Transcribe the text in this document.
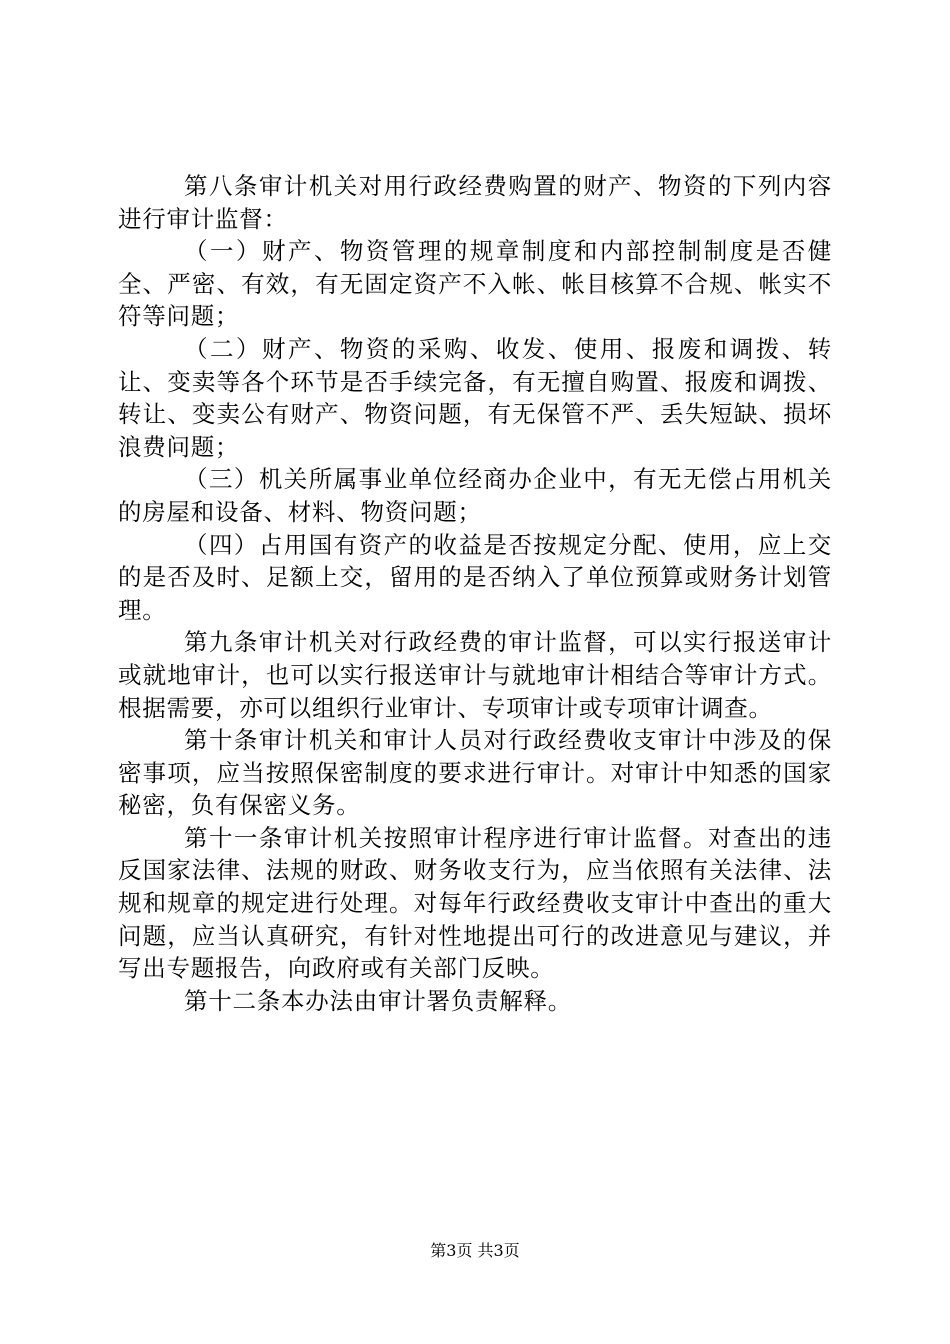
第八条审计机关对用行政经费购置的财产、物资的下列内容进行审计监督：

（一）财产、物资管理的规章制度和内部控制制度是否健全、严密、有效，有无固定资产不入帐、帐目核算不合规、帐实不符等问题；

（二）财产、物资的采购、收发、使用、报废和调拨、转让、变卖等各个环节是否手续完备，有无擅自购置、报废和调拨、转让、变卖公有财产、物资问题，有无保管不严、丢失短缺、损坏浪费问题；

（三）机关所属事业单位经商办企业中，有无无偿占用机关的房屋和设备、材料、物资问题；

（四）占用国有资产的收益是否按规定分配、使用，应上交的是否及时、足额上交，留用的是否纳入了单位预算或财务计划管理。

第九条审计机关对行政经费的审计监督，可以实行报送审计或就地审计，也可以实行报送审计与就地审计相结合等审计方式。根据需要，亦可以组织行业审计、专项审计或专项审计调查。

第十条审计机关和审计人员对行政经费收支审计中涉及的保密事项，应当按照保密制度的要求进行审计。对审计中知悉的国家秘密，负有保密义务。

第十一条审计机关按照审计程序进行审计监督。对查出的违反国家法律、法规的财政、财务收支行为，应当依照有关法律、法规和规章的规定进行处理。对每年行政经费收支审计中查出的重大问题，应当认真研究，有针对性地提出可行的改进意见与建议，并写出专题报告，向政府或有关部门反映。

第十二条本办法由审计署负责解释。

第3页 共3页
